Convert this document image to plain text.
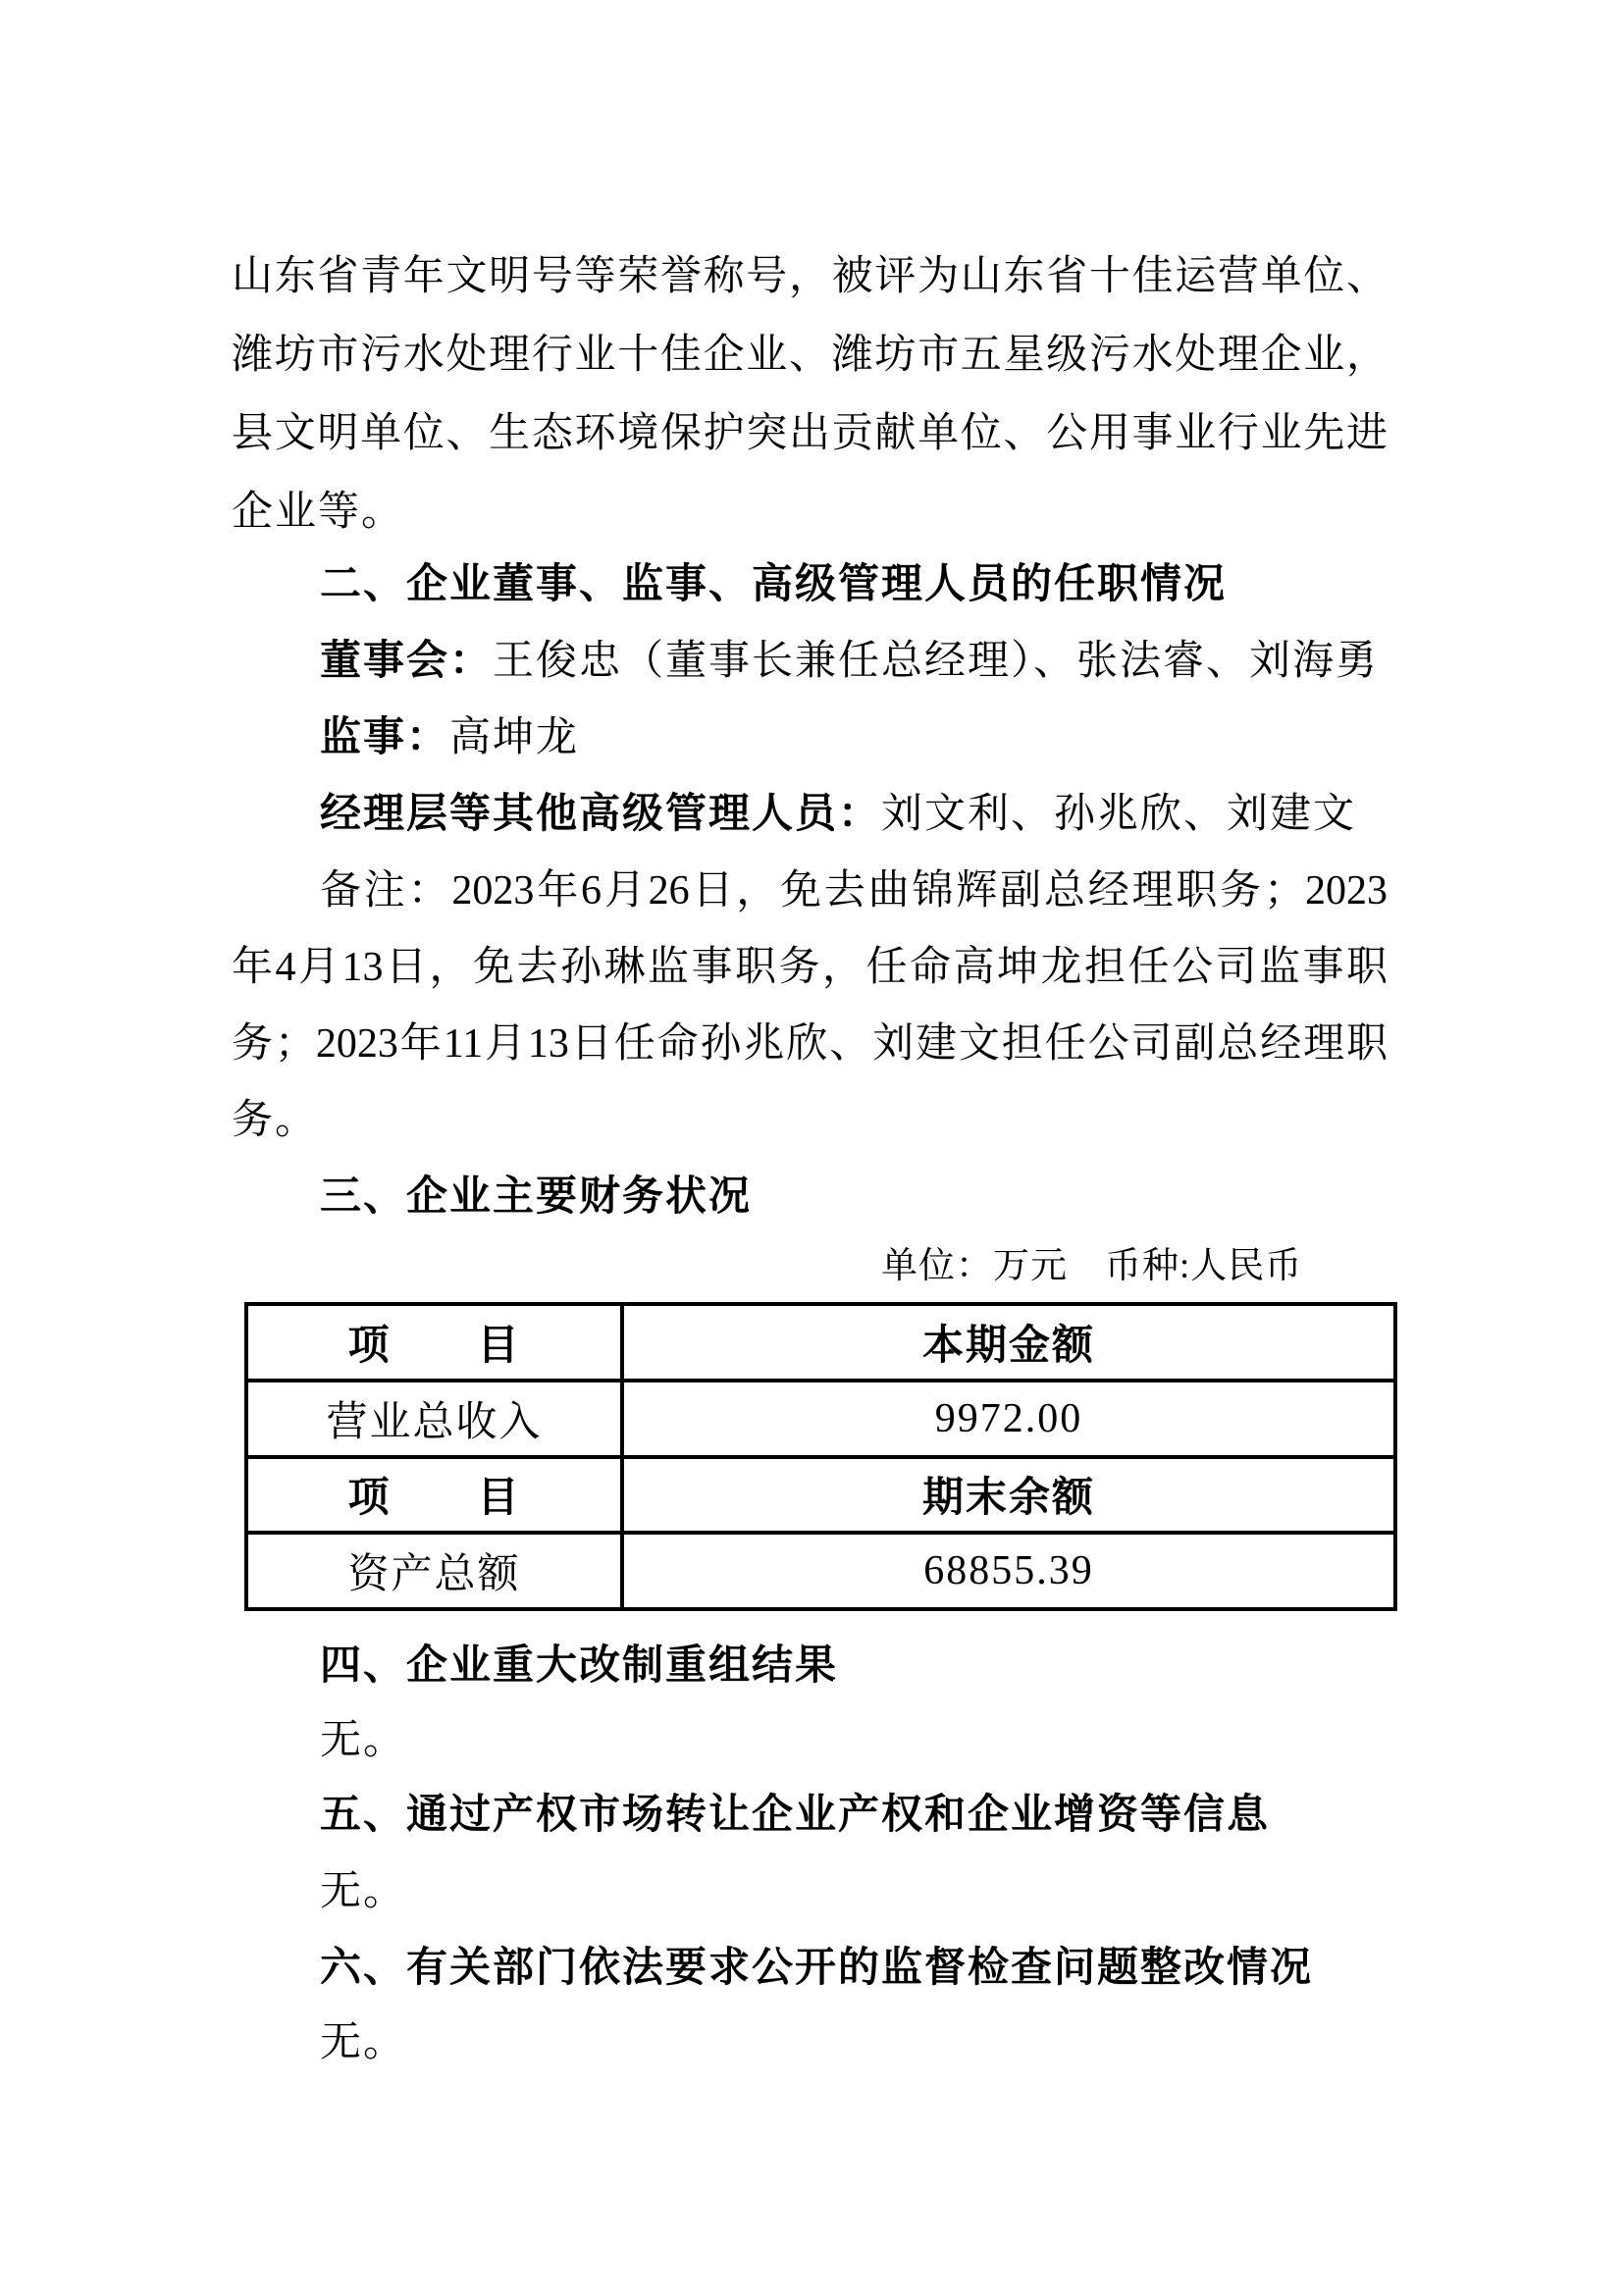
山东省青年文明号等荣誉称号，被评为山东省十佳运营单位、
潍坊市污水处理行业十佳企业、潍坊市五星级污水处理企业，
县文明单位、生态环境保护突出贡献单位、公用事业行业先进
企业等。
二、企业董事、监事、高级管理人员的任职情况
董事会：王俊忠（董事长兼任总经理）、张法睿、刘海勇
监事：高坤龙
经理层等其他高级管理人员：刘文利、孙兆欣、刘建文
备注：2023年6月26日，免去曲锦辉副总经理职务；2023
年4月13日，免去孙琳监事职务，任命高坤龙担任公司监事职
务；2023年11月13日任命孙兆欣、刘建文担任公司副总经理职
务。
三、企业主要财务状况
单位：万元　币种:人民币
项　　目	本期金额
营业总收入	9972.00
项　　目	期末余额
资产总额	68855.39
四、企业重大改制重组结果
无。
五、通过产权市场转让企业产权和企业增资等信息
无。
六、有关部门依法要求公开的监督检查问题整改情况
无。
